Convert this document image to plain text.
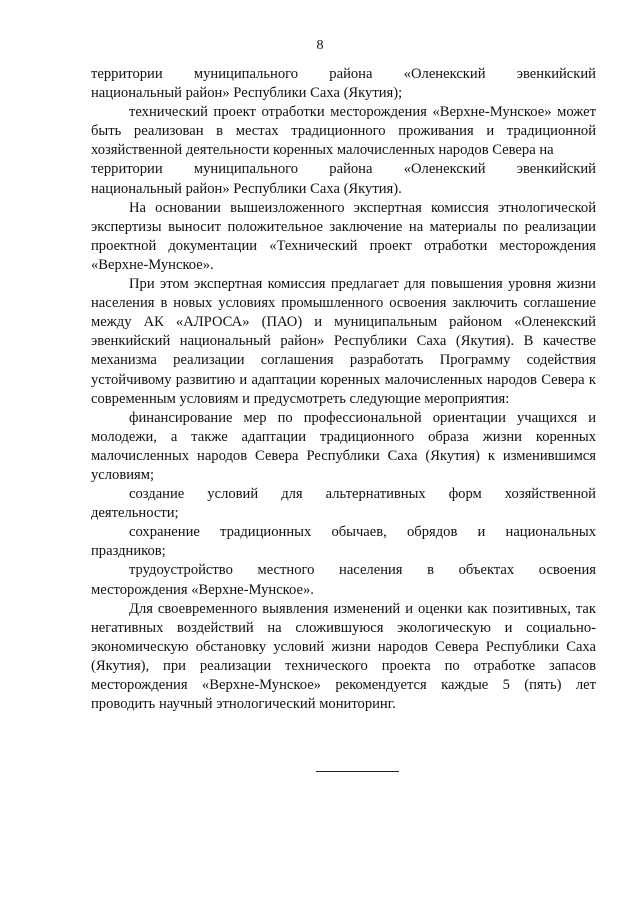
8

территории муниципального района «Оленекский эвенкийский

национальный район» Республики Саха (Якутия);

технический проект отработки месторождения «Верхне-Мунское» может быть реализован в местах традиционного проживания и традиционной хозяйственной деятельности коренных малочисленных народов Севера на

территории муниципального района «Оленекский эвенкийский

национальный район» Республики Саха (Якутия).

На основании вышеизложенного экспертная комиссия этнологической экспертизы выносит положительное заключение на материалы по реализации проектной документации «Технический проект отработки месторождения «Верхне-Мунское».

При этом экспертная комиссия предлагает для повышения уровня жизни населения в новых условиях промышленного освоения заключить соглашение между АК «АЛРОСА» (ПАО) и муниципальным районом «Оленекский эвенкийский национальный район» Республики Саха (Якутия). В качестве механизма реализации соглашения разработать Программу содействия устойчивому развитию и адаптации коренных малочисленных народов Севера к современным условиям и предусмотреть следующие мероприятия:

финансирование мер по профессиональной ориентации учащихся и молодежи, а также адаптации традиционного образа жизни коренных малочисленных народов Севера Республики Саха (Якутия) к изменившимся условиям;

создание условий для альтернативных форм хозяйственной

деятельности;

сохранение традиционных обычаев, обрядов и национальных

праздников;

трудоустройство местного населения в объектах освоения

месторождения «Верхне-Мунское».

Для своевременного выявления изменений и оценки как позитивных, так негативных воздействий на сложившуюся экологическую и социально-экономическую обстановку условий жизни народов Севера Республики Саха (Якутия), при реализации технического проекта по отработке запасов месторождения «Верхне-Мунское» рекомендуется каждые 5 (пять) лет проводить научный этнологический мониторинг.
